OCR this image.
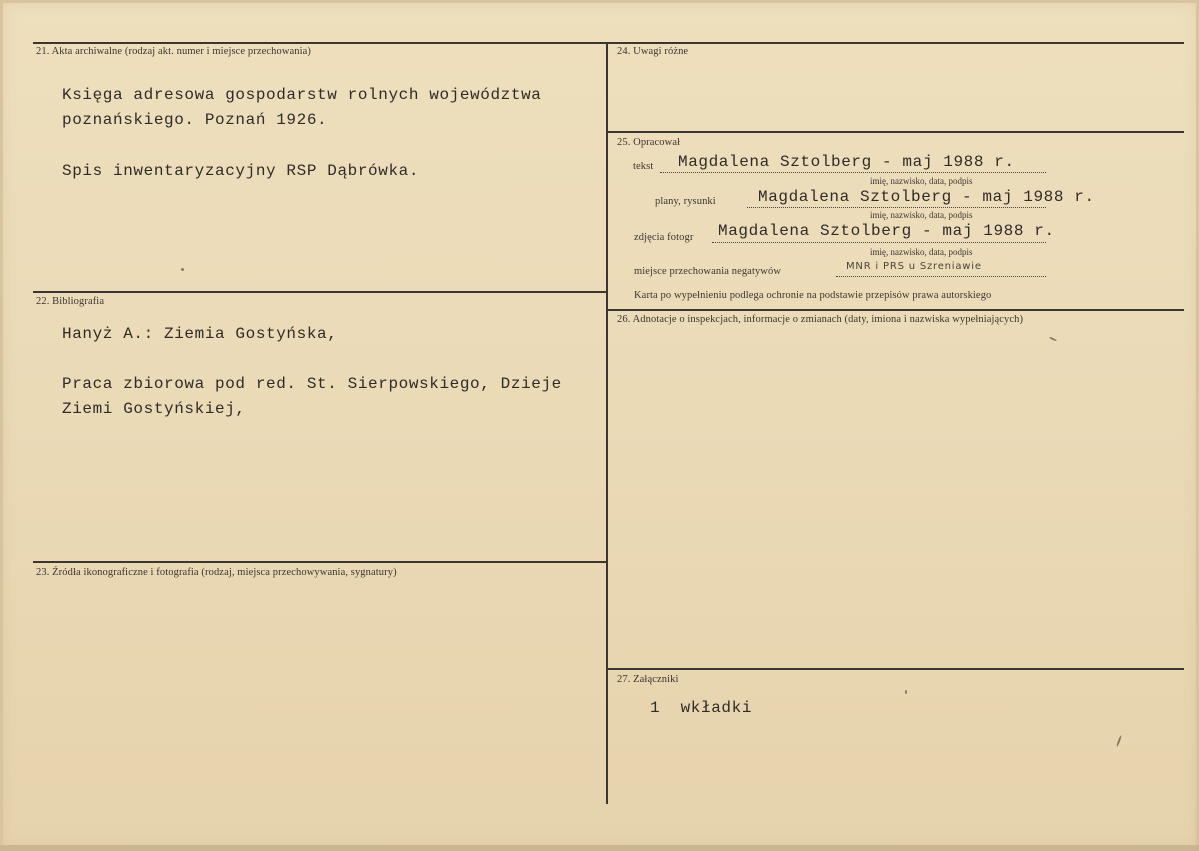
21. Akta archiwalne (rodzaj akt. numer i miejsce przechowania)
Księga adresowa gospodarstw rolnych województwa
poznańskiego. Poznań 1926.
Spis inwentaryzacyjny RSP Dąbrówka.
22. Bibliografia
Hanyż A.: Ziemia Gostyńska,
Praca zbiorowa pod red. St. Sierpowskiego, Dzieje
Ziemi Gostyńskiej,
23. Źródła ikonograficzne i fotografia (rodzaj, miejsca przechowywania, sygnatury)
24. Uwagi różne
25. Opracował
tekst Magdalena Sztolberg - maj 1988 r.
imię, nazwisko, data, podpis
plany, rysunki	Magdalena Sztolberg - maj 1988 r.
imię, nazwisko, data, podpis
zdjęcia fotogr Magdalena Sztolberg - maj 1988 r.
imię, nazwisko, data, podpis
miejsce przechowania negatywów	MNR i PRS u Szreniawie
Karta po wypełnieniu podlega ochronie na podstawie przepisów prawa autorskiego
26. Adnotacje o inspekcjach, informacje o zmianach (daty, imiona i nazwiska wypełniających)
27. Załączniki
1  wkładki
